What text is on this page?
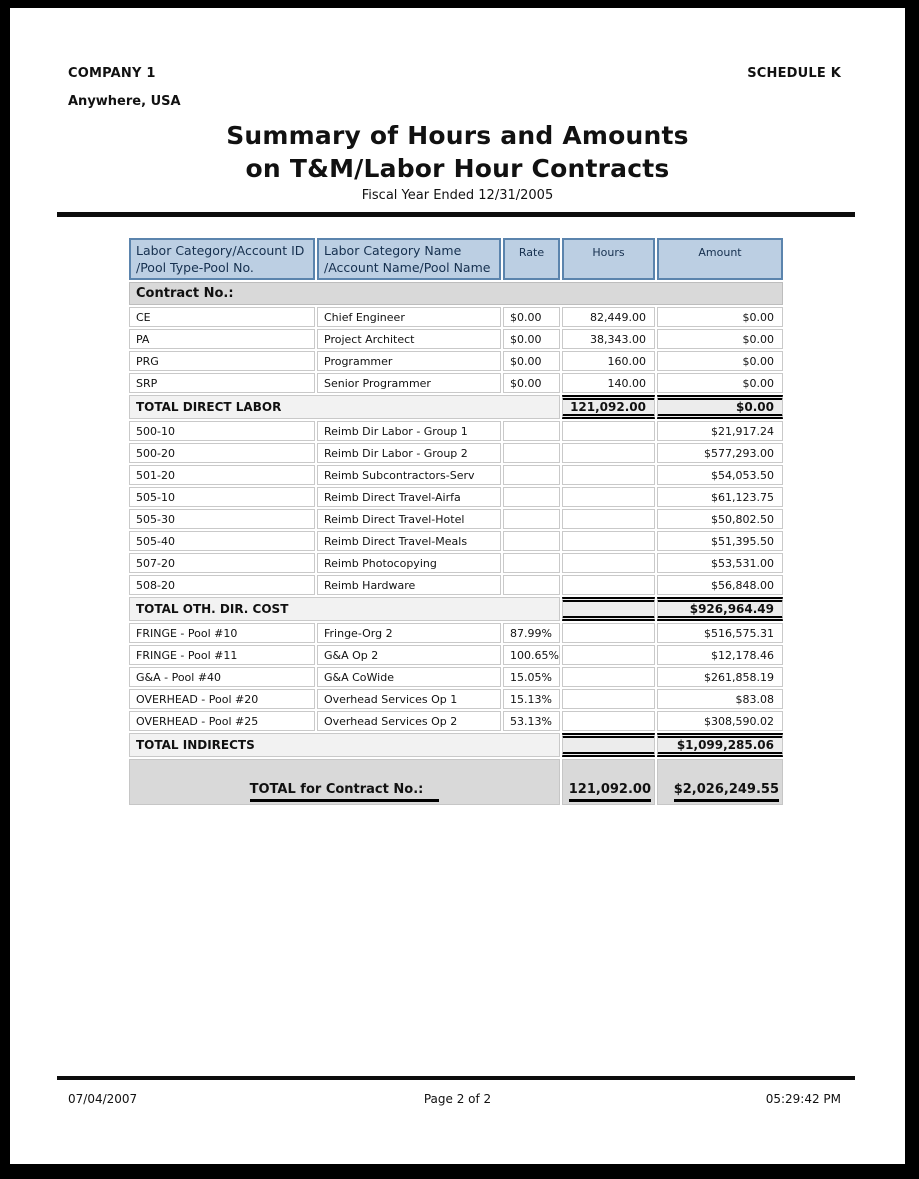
COMPANY 1	SCHEDULE K
Anywhere, USA
Summary of Hours and Amounts
on T&M/Labor Hour Contracts
Fiscal Year Ended 12/31/2005
Labor Category/Account ID
/Pool Type-Pool No.	Labor Category Name
/Account Name/Pool Name	Rate	Hours	Amount
Contract No.:				
CE	Chief Engineer	$0.00	82,449.00	$0.00
PA	Project Architect	$0.00	38,343.00	$0.00
PRG	Programmer	$0.00	160.00	$0.00
SRP	Senior Programmer	$0.00	140.00	$0.00
TOTAL DIRECT LABOR			121,092.00	$0.00
500-10	Reimb Dir Labor - Group 1			$21,917.24
500-20	Reimb Dir Labor - Group 2			$577,293.00
501-20	Reimb Subcontractors-Serv			$54,053.50
505-10	Reimb Direct Travel-Airfa			$61,123.75
505-30	Reimb Direct Travel-Hotel			$50,802.50
505-40	Reimb Direct Travel-Meals			$51,395.50
507-20	Reimb Photocopying			$53,531.00
508-20	Reimb Hardware			$56,848.00
TOTAL OTH. DIR. COST				$926,964.49
FRINGE - Pool #10	Fringe-Org 2	87.99%		$516,575.31
FRINGE - Pool #11	G&A Op 2	100.65%		$12,178.46
G&A - Pool #40	G&A CoWide	15.05%		$261,858.19
OVERHEAD - Pool #20	Overhead Services Op 1	15.13%		$83.08
OVERHEAD - Pool #25	Overhead Services Op 2	53.13%		$308,590.02
TOTAL INDIRECTS				$1,099,285.06
TOTAL for Contract No.:			121,092.00	$2,026,249.55
Page 2 of 2
07/04/2007	05:29:42 PM
